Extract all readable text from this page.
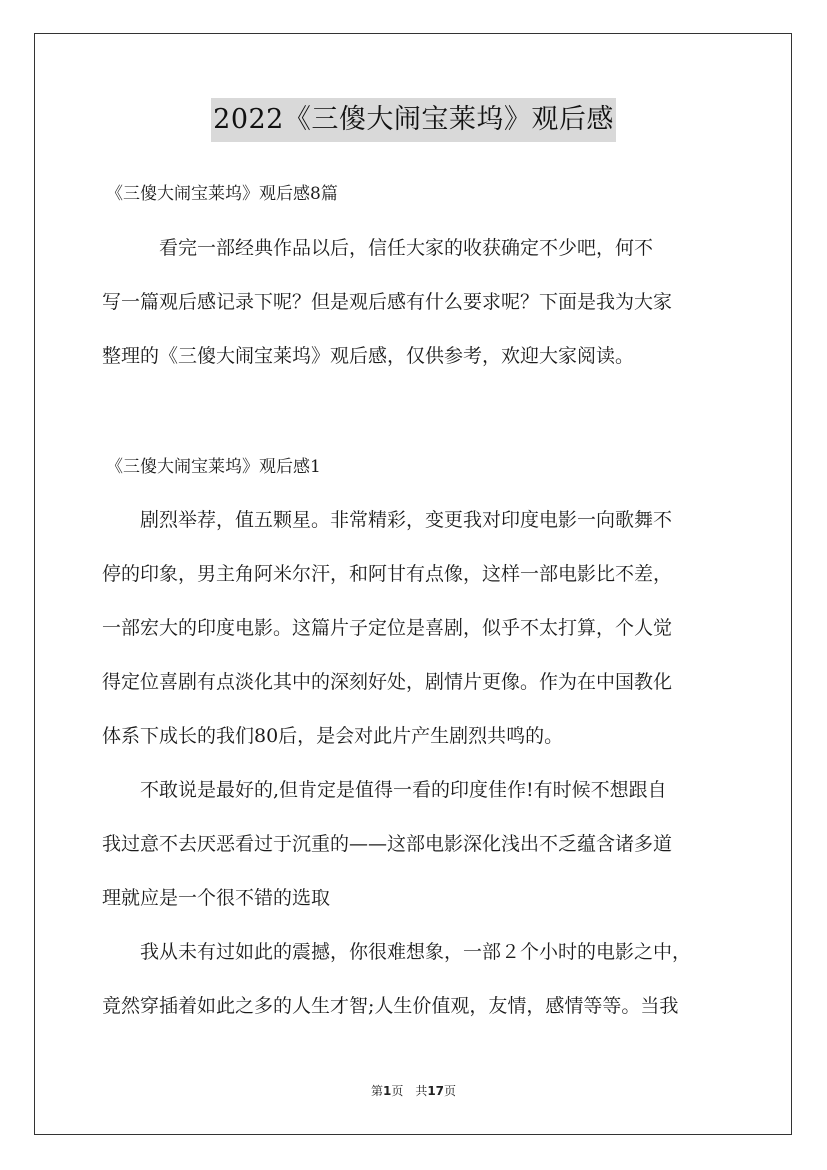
2022《三傻大闹宝莱坞》观后感
《三傻大闹宝莱坞》观后感8篇
　　　看完一部经典作品以后，信任大家的收获确定不少吧，何不
写一篇观后感记录下呢？但是观后感有什么要求呢？下面是我为大家
整理的《三傻大闹宝莱坞》观后感，仅供参考，欢迎大家阅读。
《三傻大闹宝莱坞》观后感1
　　剧烈举荐，值五颗星。非常精彩，变更我对印度电影一向歌舞不
停的印象，男主角阿米尔汗，和阿甘有点像，这样一部电影比不差，
一部宏大的印度电影。这篇片子定位是喜剧，似乎不太打算，个人觉
得定位喜剧有点淡化其中的深刻好处，剧情片更像。作为在中国教化
体系下成长的我们80后，是会对此片产生剧烈共鸣的。
　　不敢说是最好的,但肯定是值得一看的印度佳作!有时候不想跟自
我过意不去厌恶看过于沉重的——这部电影深化浅出不乏蕴含诸多道
理就应是一个很不错的选取
　　我从未有过如此的震撼，你很难想象，一部２个小时的电影之中，
竟然穿插着如此之多的人生才智;人生价值观，友情，感情等等。当我
第1页　共17页
